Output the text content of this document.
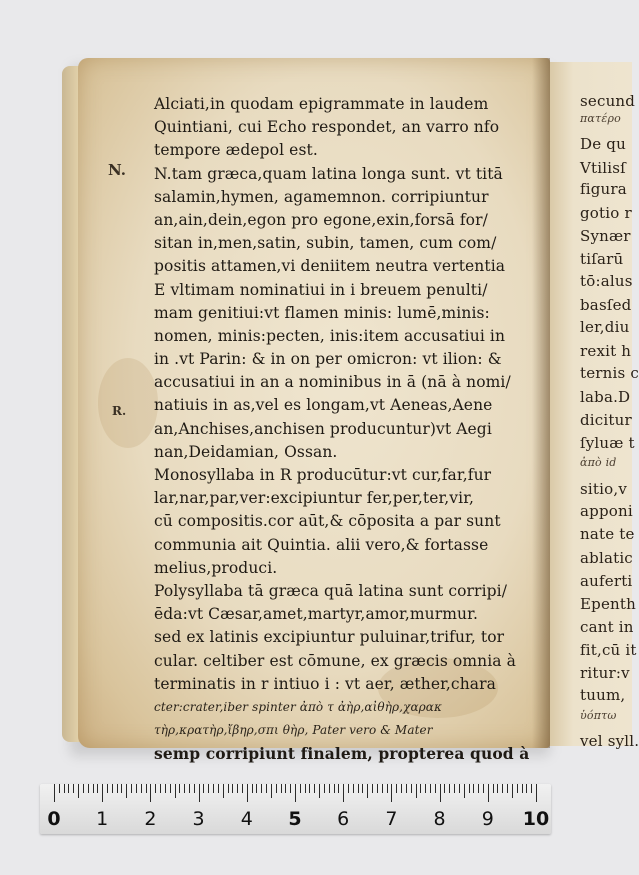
secund
πατέρο
De qu
Vtilisſ
figura
gotio r
Synær
tiſarū
tō:alus
basſed
ler,diu
rexit h
ternis c
laba.D
dicitur
ſyluæ t
ἀπὸ id
sitio,v
apponi
nate te
ablatic
auferti
Epenth
cant in
fit,cū it
ritur:v
tuum,
ὑόπτω
vel syll.
N.
R.
Alciati,in quodam epigrammate in laudem
Quintiani, cui Echo respondet, an varro nfo
tempore ædepol est.
N.tam græca,quam latina longa sunt. vt titā
salamin,hymen, agamemnon. corripiuntur
an,ain,dein,egon pro egone,exin,forsā for/
sitan in,men,satin, subin, tamen, cum com/
positis attamen,vi deniitem neutra vertentia
E vltimam nominatiui in i breuem penulti/
mam genitiui:vt flamen minis: lumē,minis:
nomen, minis:pecten, inis:item accusatiui in
in .vt Parin: & in on per omicron: vt ilion: &
accusatiui in an a nominibus in ā (nā à nomi/
natiuis in as,vel es longam,vt Aeneas,Aene
an,Anchises,anchisen producuntur)vt Aegi
nan,Deidamian, Ossan.
Monosyllaba in R producūtur:vt cur,far,fur
lar,nar,par,ver:excipiuntur fer,per,ter,vir,
cū compositis.cor aūt,& cōposita a par sunt
communia ait Quintia. alii vero,& fortasse
melius,produci.
Polysyllaba tā græca quā latina sunt corripi/
ēda:vt Cæsar,amet,martyr,amor,murmur.
sed ex latinis excipiuntur puluinar,trifur, tor
cular. celtiber est cōmune, ex græcis omnia à
terminatis in r intiuo i : vt aer, æther,chara
cter:crater,iber spinter ἀπὸ τ ἀὴρ,αἰθὴρ,χαρακ
τὴρ,κρατὴρ,ἴβηρ,σπι θὴρ, Pater vero & Mater
semp corripiunt finalem, propterea quod à
0 1 2 3 4 5 6 7 8 9 10
